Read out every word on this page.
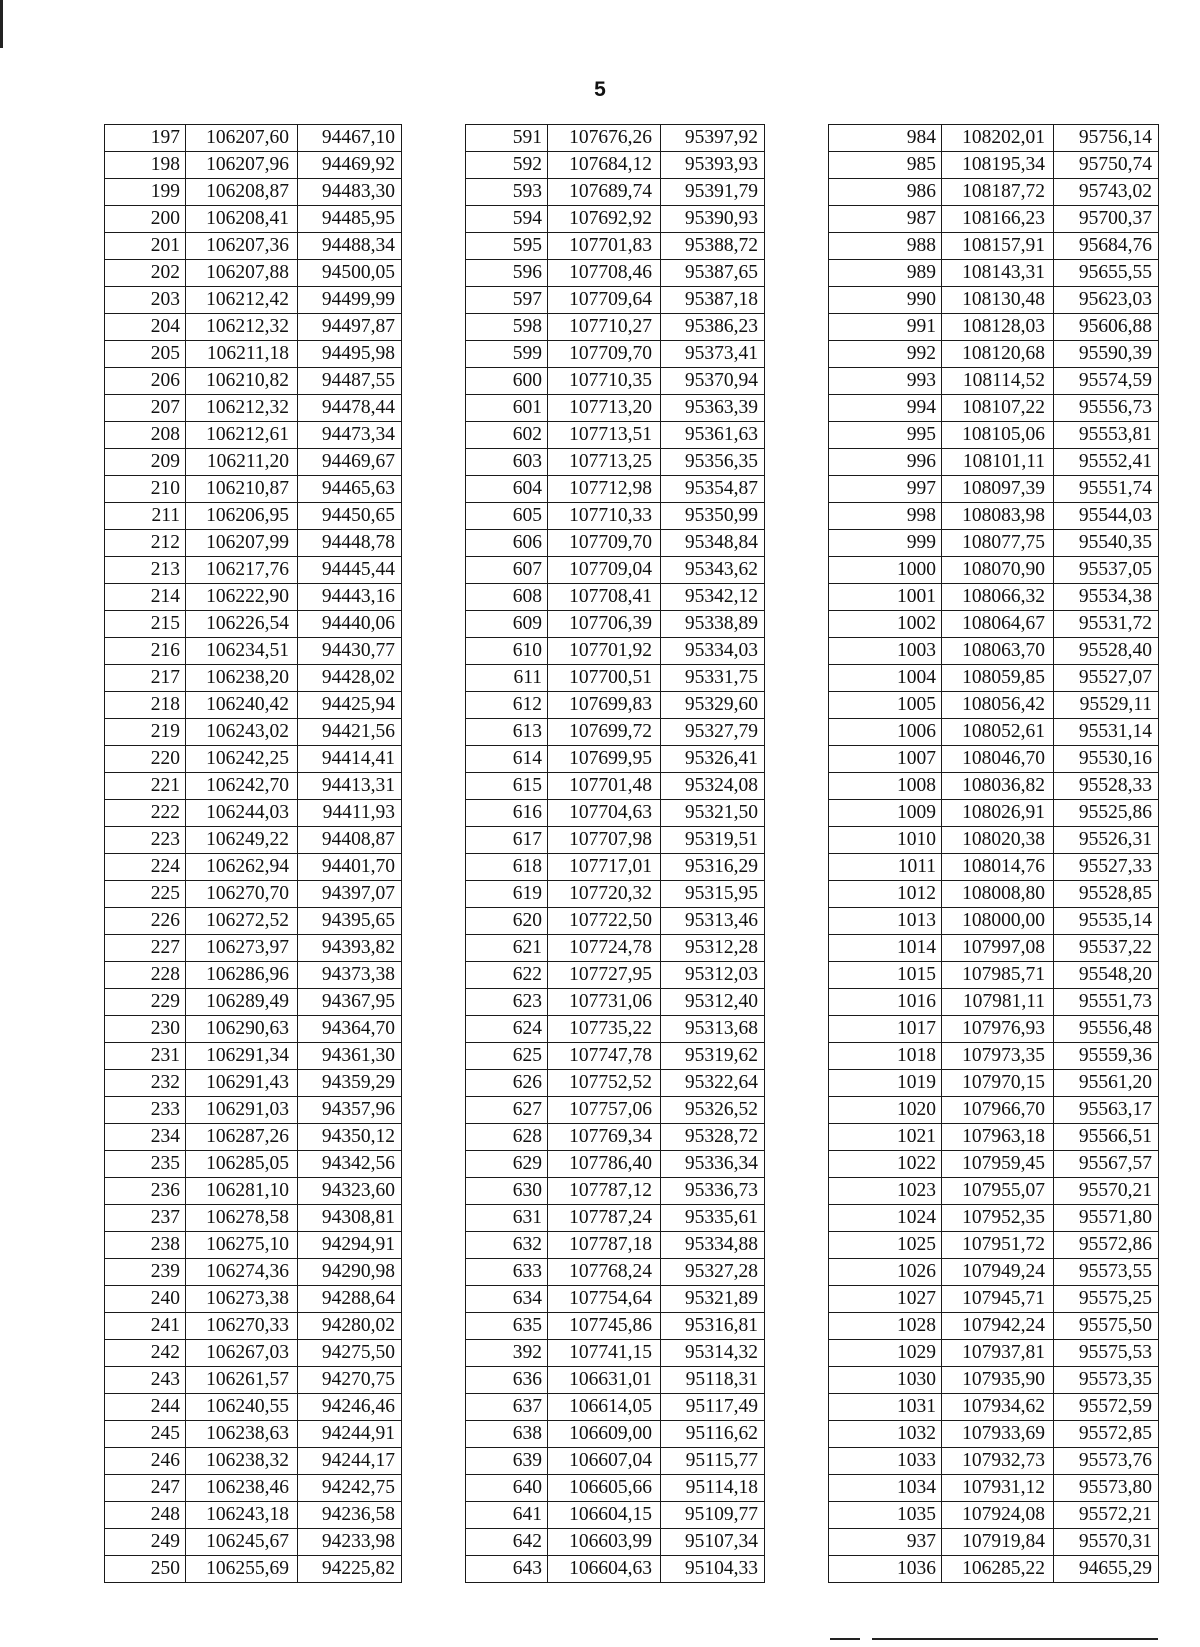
5
197	106207,60	94467,10
198	106207,96	94469,92
199	106208,87	94483,30
200	106208,41	94485,95
201	106207,36	94488,34
202	106207,88	94500,05
203	106212,42	94499,99
204	106212,32	94497,87
205	106211,18	94495,98
206	106210,82	94487,55
207	106212,32	94478,44
208	106212,61	94473,34
209	106211,20	94469,67
210	106210,87	94465,63
211	106206,95	94450,65
212	106207,99	94448,78
213	106217,76	94445,44
214	106222,90	94443,16
215	106226,54	94440,06
216	106234,51	94430,77
217	106238,20	94428,02
218	106240,42	94425,94
219	106243,02	94421,56
220	106242,25	94414,41
221	106242,70	94413,31
222	106244,03	94411,93
223	106249,22	94408,87
224	106262,94	94401,70
225	106270,70	94397,07
226	106272,52	94395,65
227	106273,97	94393,82
228	106286,96	94373,38
229	106289,49	94367,95
230	106290,63	94364,70
231	106291,34	94361,30
232	106291,43	94359,29
233	106291,03	94357,96
234	106287,26	94350,12
235	106285,05	94342,56
236	106281,10	94323,60
237	106278,58	94308,81
238	106275,10	94294,91
239	106274,36	94290,98
240	106273,38	94288,64
241	106270,33	94280,02
242	106267,03	94275,50
243	106261,57	94270,75
244	106240,55	94246,46
245	106238,63	94244,91
246	106238,32	94244,17
247	106238,46	94242,75
248	106243,18	94236,58
249	106245,67	94233,98
250	106255,69	94225,82
591	107676,26	95397,92
592	107684,12	95393,93
593	107689,74	95391,79
594	107692,92	95390,93
595	107701,83	95388,72
596	107708,46	95387,65
597	107709,64	95387,18
598	107710,27	95386,23
599	107709,70	95373,41
600	107710,35	95370,94
601	107713,20	95363,39
602	107713,51	95361,63
603	107713,25	95356,35
604	107712,98	95354,87
605	107710,33	95350,99
606	107709,70	95348,84
607	107709,04	95343,62
608	107708,41	95342,12
609	107706,39	95338,89
610	107701,92	95334,03
611	107700,51	95331,75
612	107699,83	95329,60
613	107699,72	95327,79
614	107699,95	95326,41
615	107701,48	95324,08
616	107704,63	95321,50
617	107707,98	95319,51
618	107717,01	95316,29
619	107720,32	95315,95
620	107722,50	95313,46
621	107724,78	95312,28
622	107727,95	95312,03
623	107731,06	95312,40
624	107735,22	95313,68
625	107747,78	95319,62
626	107752,52	95322,64
627	107757,06	95326,52
628	107769,34	95328,72
629	107786,40	95336,34
630	107787,12	95336,73
631	107787,24	95335,61
632	107787,18	95334,88
633	107768,24	95327,28
634	107754,64	95321,89
635	107745,86	95316,81
392	107741,15	95314,32
636	106631,01	95118,31
637	106614,05	95117,49
638	106609,00	95116,62
639	106607,04	95115,77
640	106605,66	95114,18
641	106604,15	95109,77
642	106603,99	95107,34
643	106604,63	95104,33
984	108202,01	95756,14
985	108195,34	95750,74
986	108187,72	95743,02
987	108166,23	95700,37
988	108157,91	95684,76
989	108143,31	95655,55
990	108130,48	95623,03
991	108128,03	95606,88
992	108120,68	95590,39
993	108114,52	95574,59
994	108107,22	95556,73
995	108105,06	95553,81
996	108101,11	95552,41
997	108097,39	95551,74
998	108083,98	95544,03
999	108077,75	95540,35
1000	108070,90	95537,05
1001	108066,32	95534,38
1002	108064,67	95531,72
1003	108063,70	95528,40
1004	108059,85	95527,07
1005	108056,42	95529,11
1006	108052,61	95531,14
1007	108046,70	95530,16
1008	108036,82	95528,33
1009	108026,91	95525,86
1010	108020,38	95526,31
1011	108014,76	95527,33
1012	108008,80	95528,85
1013	108000,00	95535,14
1014	107997,08	95537,22
1015	107985,71	95548,20
1016	107981,11	95551,73
1017	107976,93	95556,48
1018	107973,35	95559,36
1019	107970,15	95561,20
1020	107966,70	95563,17
1021	107963,18	95566,51
1022	107959,45	95567,57
1023	107955,07	95570,21
1024	107952,35	95571,80
1025	107951,72	95572,86
1026	107949,24	95573,55
1027	107945,71	95575,25
1028	107942,24	95575,50
1029	107937,81	95575,53
1030	107935,90	95573,35
1031	107934,62	95572,59
1032	107933,69	95572,85
1033	107932,73	95573,76
1034	107931,12	95573,80
1035	107924,08	95572,21
937	107919,84	95570,31
1036	106285,22	94655,29
